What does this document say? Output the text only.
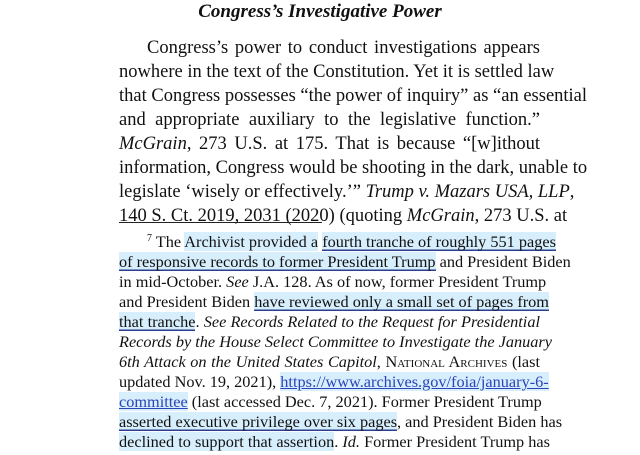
Congress’s Investigative Power
Congress’s power to conduct investigations appears
nowhere in the text of the Constitution. Yet it is settled law
that Congress possesses “the power of inquiry” as “an essential
and appropriate auxiliary to the legislative function.”
McGrain, 273 U.S. at 175. That is because “[w]ithout
information, Congress would be shooting in the dark, unable to
legislate ‘wisely or effectively.’” Trump v. Mazars USA, LLP,
140 S. Ct. 2019, 2031 (2020) (quoting McGrain, 273 U.S. at
$^7$ The Archivist provided a fourth tranche of roughly 551 pages
of responsive records to former President Trump and President Biden
in mid-October. See J.A. 128. As of now, former President Trump
and President Biden have reviewed only a small set of pages from
that tranche. See Records Related to the Request for Presidential
Records by the House Select Committee to Investigate the January
6th Attack on the United States Capitol, National Archives (last
updated Nov. 19, 2021), https://www.archives.gov/foia/january-6-
committee (last accessed Dec. 7, 2021). Former President Trump
asserted executive privilege over six pages, and President Biden has
declined to support that assertion. Id. Former President Trump has
